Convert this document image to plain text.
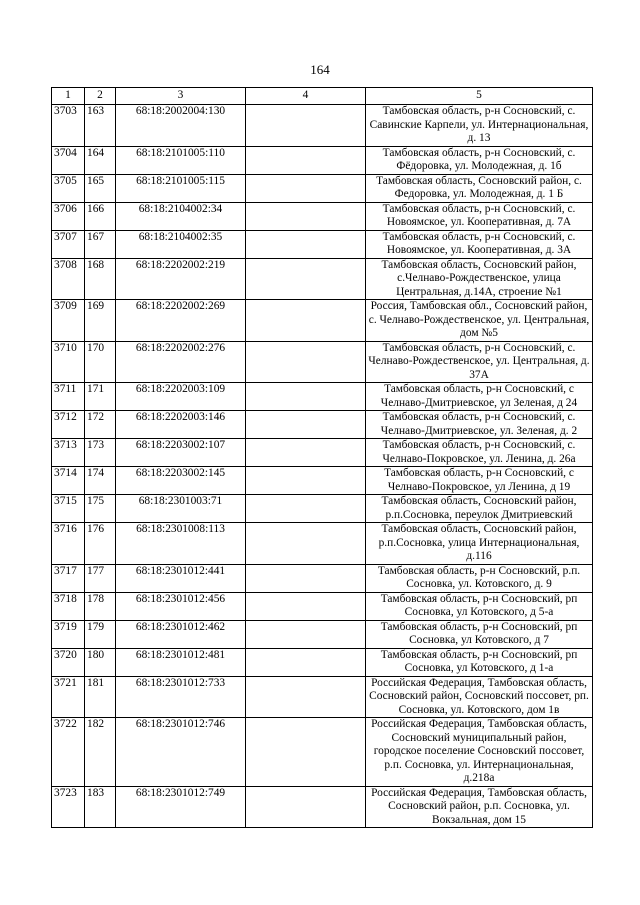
164
1	2	3	4	5
3703	163	68:18:2002004:130		Тамбовская область, р-н Сосновский, с. Савинские Карпели, ул. Интернациональная, д. 13
3704	164	68:18:2101005:110		Тамбовская область, р-н Сосновский, с. Фёдоровка, ул. Молодежная, д. 1б
3705	165	68:18:2101005:115		Тамбовская область, Сосновский район, с. Федоровка, ул. Молодежная, д. 1 Б
3706	166	68:18:2104002:34		Тамбовская область, р-н Сосновский, с. Новоямское, ул. Кооперативная, д. 7А
3707	167	68:18:2104002:35		Тамбовская область, р-н Сосновский, с. Новоямское, ул. Кооперативная, д. 3А
3708	168	68:18:2202002:219		Тамбовская область, Сосновский район, с.Челнаво-Рождественское, улица Центральная, д.14А, строение №1
3709	169	68:18:2202002:269		Россия, Тамбовская обл., Сосновский район, с. Челнаво-Рождественское, ул. Центральная, дом №5
3710	170	68:18:2202002:276		Тамбовская область, р-н Сосновский, с. Челнаво-Рождественское, ул. Центральная, д. 37А
3711	171	68:18:2202003:109		Тамбовская область, р-н Сосновский, с Челнаво-Дмитриевское, ул Зеленая, д 24
3712	172	68:18:2202003:146		Тамбовская область, р-н Сосновский, с. Челнаво-Дмитриевское, ул. Зеленая, д. 2
3713	173	68:18:2203002:107		Тамбовская область, р-н Сосновский, с. Челнаво-Покровское, ул. Ленина, д. 26а
3714	174	68:18:2203002:145		Тамбовская область, р-н Сосновский, с Челнаво-Покровское, ул Ленина, д 19
3715	175	68:18:2301003:71		Тамбовская область, Сосновский район, р.п.Сосновка, переулок Дмитриевский
3716	176	68:18:2301008:113		Тамбовская область, Сосновский район, р.п.Сосновка, улица Интернациональная, д.116
3717	177	68:18:2301012:441		Тамбовская область, р-н Сосновский, р.п. Сосновка, ул. Котовского, д. 9
3718	178	68:18:2301012:456		Тамбовская область, р-н Сосновский, рп Сосновка, ул Котовского, д 5-а
3719	179	68:18:2301012:462		Тамбовская область, р-н Сосновский, рп Сосновка, ул Котовского, д 7
3720	180	68:18:2301012:481		Тамбовская область, р-н Сосновский, рп Сосновка, ул Котовского, д 1-а
3721	181	68:18:2301012:733		Российская Федерация, Тамбовская область, Сосновский район, Сосновский поссовет, рп. Сосновка, ул. Котовского, дом 1в
3722	182	68:18:2301012:746		Российская Федерация, Тамбовская область, Сосновский муниципальный район, городское поселение Сосновский поссовет, р.п. Сосновка, ул. Интернациональная, д.218а
3723	183	68:18:2301012:749		Российская Федерация, Тамбовская область, Сосновский район, р.п. Сосновка, ул. Вокзальная, дом 15
